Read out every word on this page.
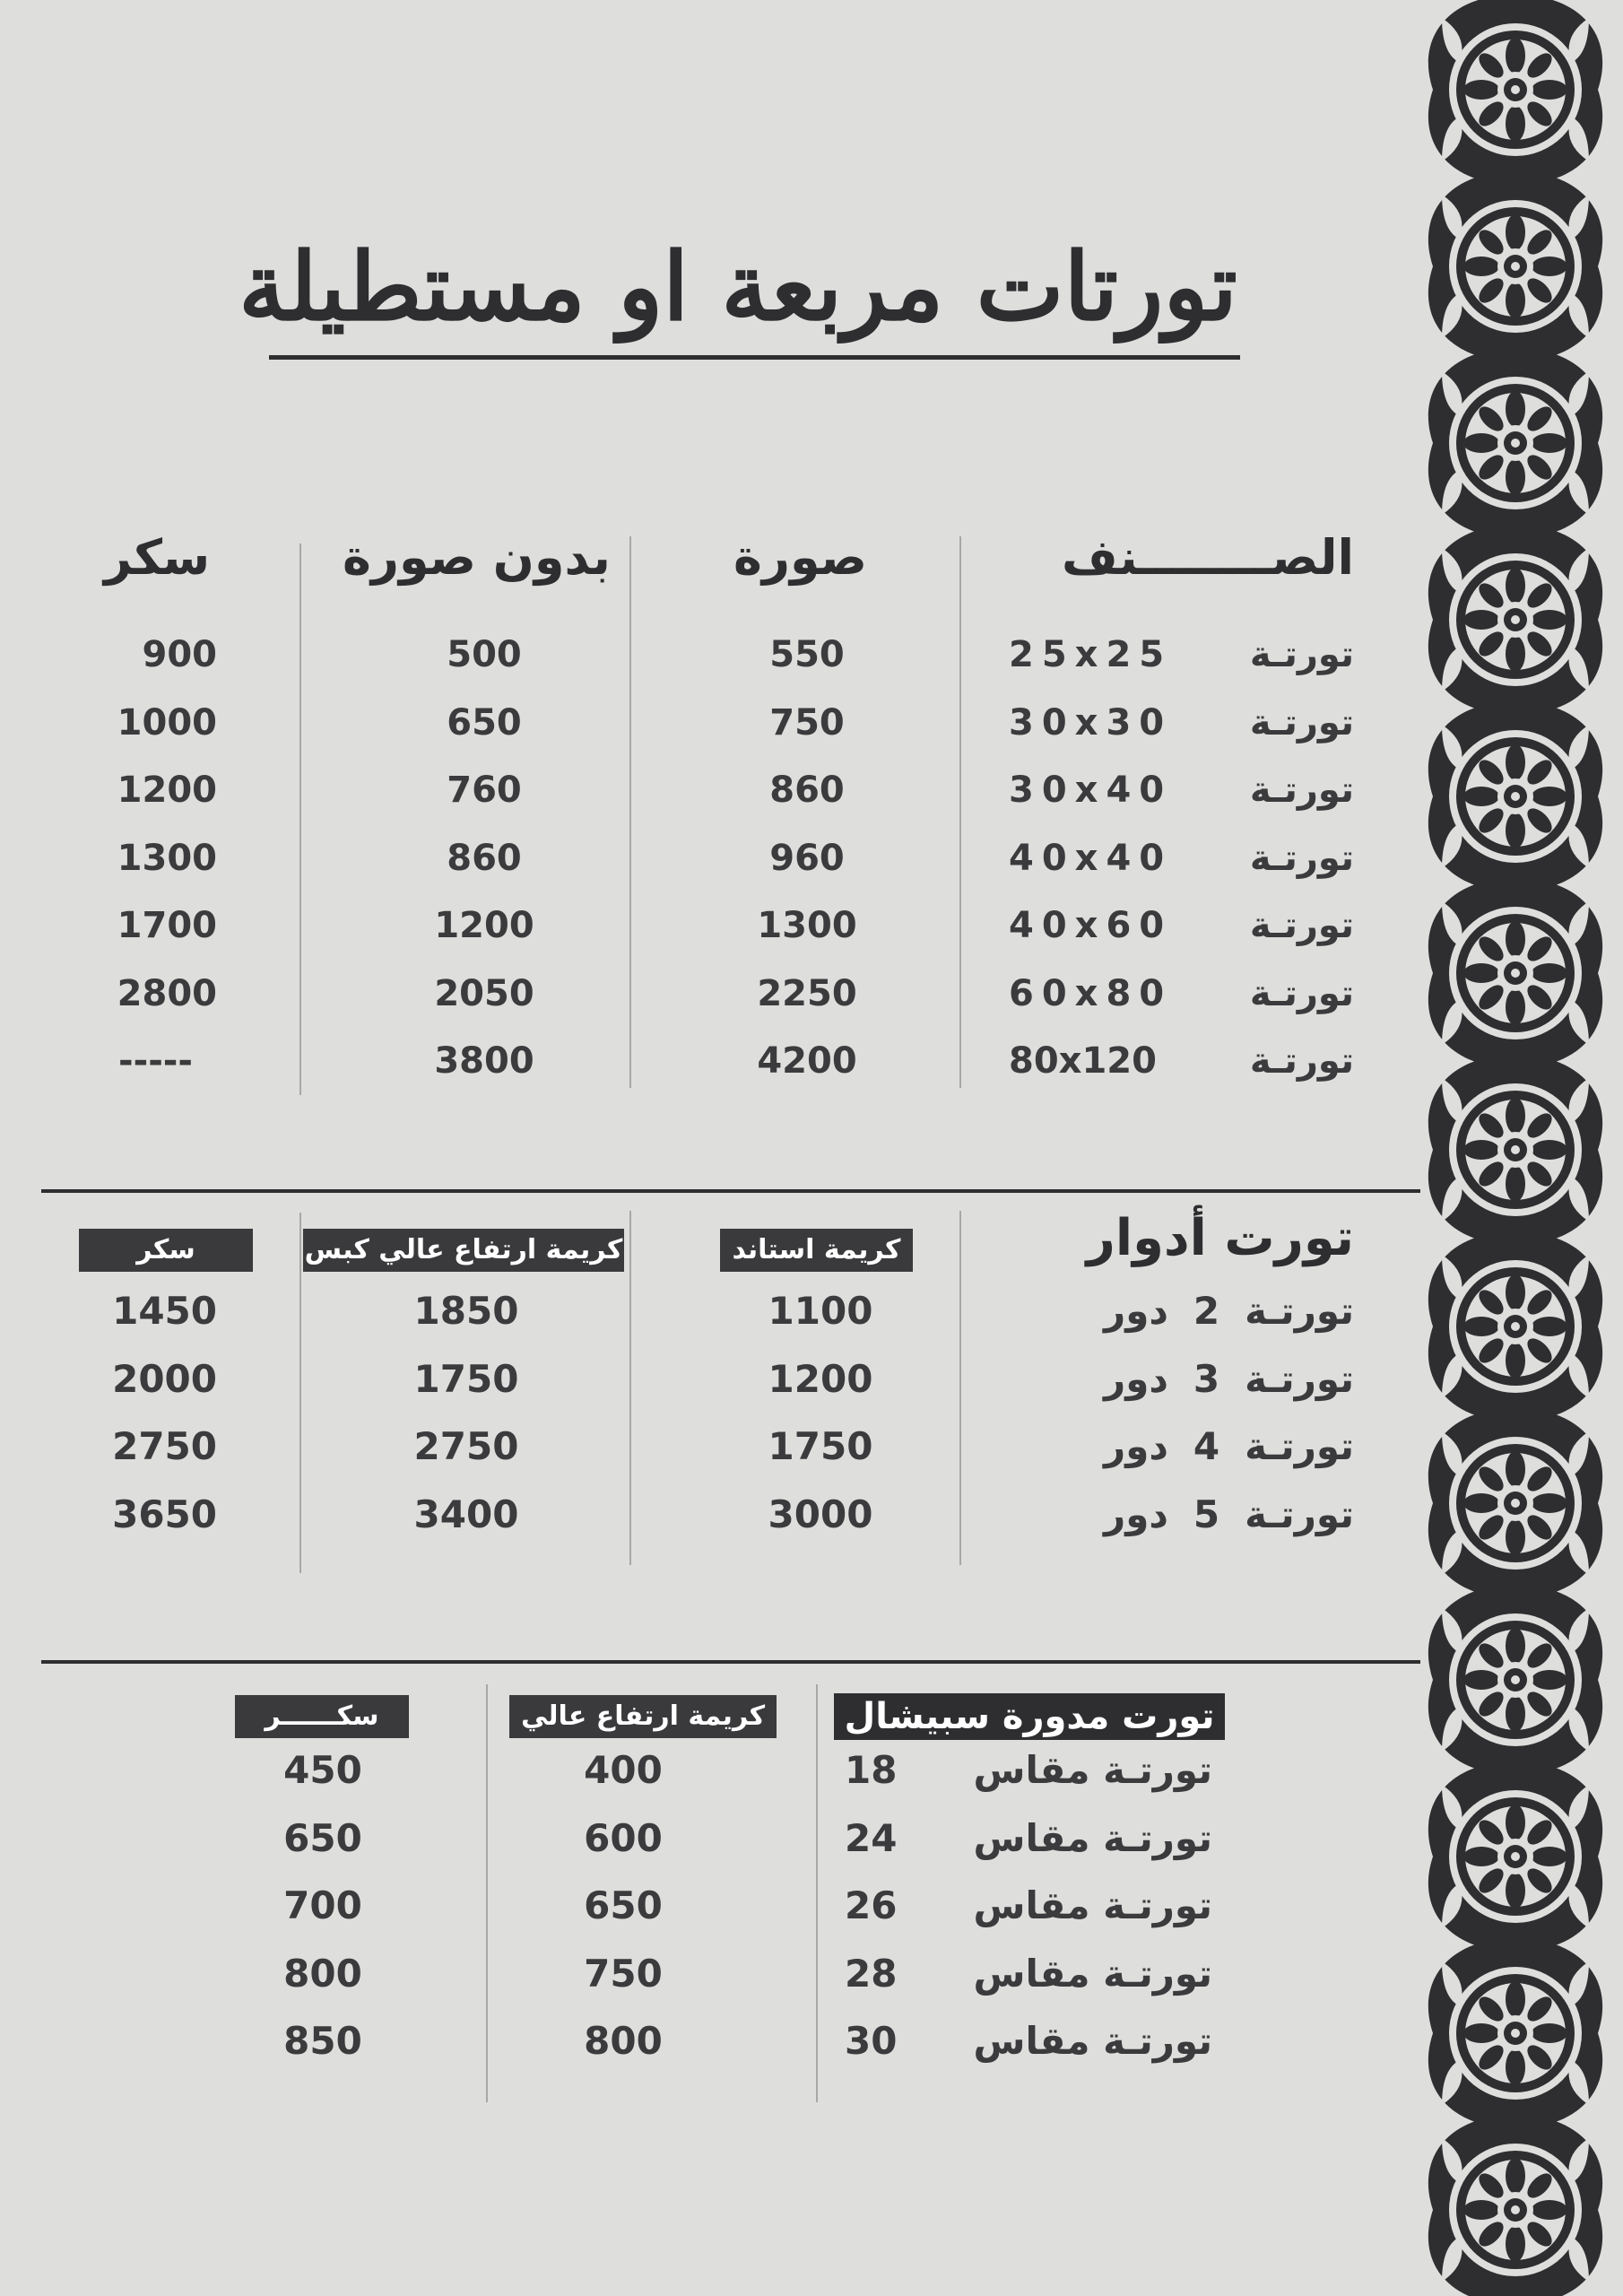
تورتات مربعة او مستطيلة
الصــــــــنف
صورة
بدون صورة
سكر
تورتـة
25x25
تورتـة
30x30
تورتـة
30x40
تورتـة
40x40
تورتـة
40x60
تورتـة
60x80
تورتـة
80x120
550
750
860
960
1300
2250
4200
500
650
760
860
1200
2050
3800
900
1000
1200
1300
1700
2800
-----
تورت أدوار
كريمة استاند
كريمة ارتفاع عالي كبس
سكر
تورتـة
2
دور
تورتـة
3
دور
تورتـة
4
دور
تورتـة
5
دور
1100
1200
1750
3000
1850
1750
2750
3400
1450
2000
2750
3650
تورت مدورة سبيشال
كريمة ارتفاع عالي
سكــــــر
تورتـة مقاس
18
تورتـة مقاس
24
تورتـة مقاس
26
تورتـة مقاس
28
تورتـة مقاس
30
400
600
650
750
800
450
650
700
800
850
